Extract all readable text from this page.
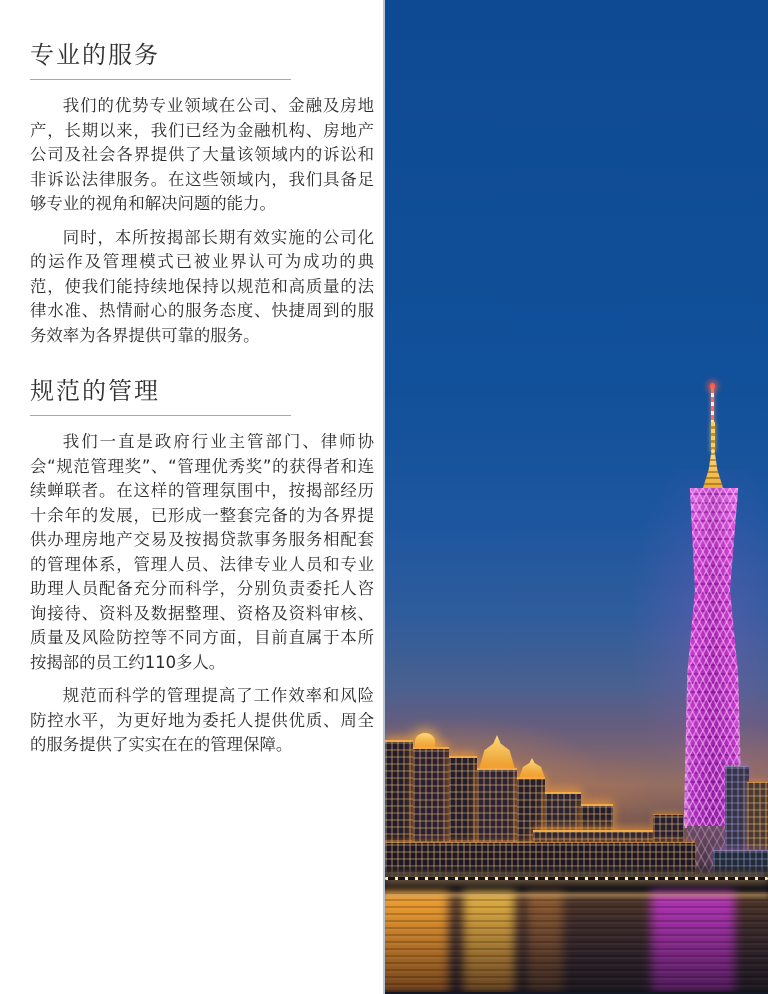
专业的服务

我们的优势专业领域在公司、金融及房地产，长期以来，我们已经为金融机构、房地产公司及社会各界提供了大量该领域内的诉讼和非诉讼法律服务。在这些领域内，我们具备足够专业的视角和解决问题的能力。

同时，本所按揭部长期有效实施的公司化的运作及管理模式已被业界认可为成功的典范，使我们能持续地保持以规范和高质量的法律水准、热情耐心的服务态度、快捷周到的服务效率为各界提供可靠的服务。

规范的管理

我们一直是政府行业主管部门、律师协会“规范管理奖”、“管理优秀奖”的获得者和连续蝉联者。在这样的管理氛围中，按揭部经历十余年的发展，已形成一整套完备的为各界提供办理房地产交易及按揭贷款事务服务相配套的管理体系，管理人员、法律专业人员和专业助理人员配备充分而科学，分别负责委托人咨询接待、资料及数据整理、资格及资料审核、质量及风险防控等不同方面，目前直属于本所按揭部的员工约110多人。

规范而科学的管理提高了工作效率和风险防控水平，为更好地为委托人提供优质、周全的服务提供了实实在在的管理保障。
